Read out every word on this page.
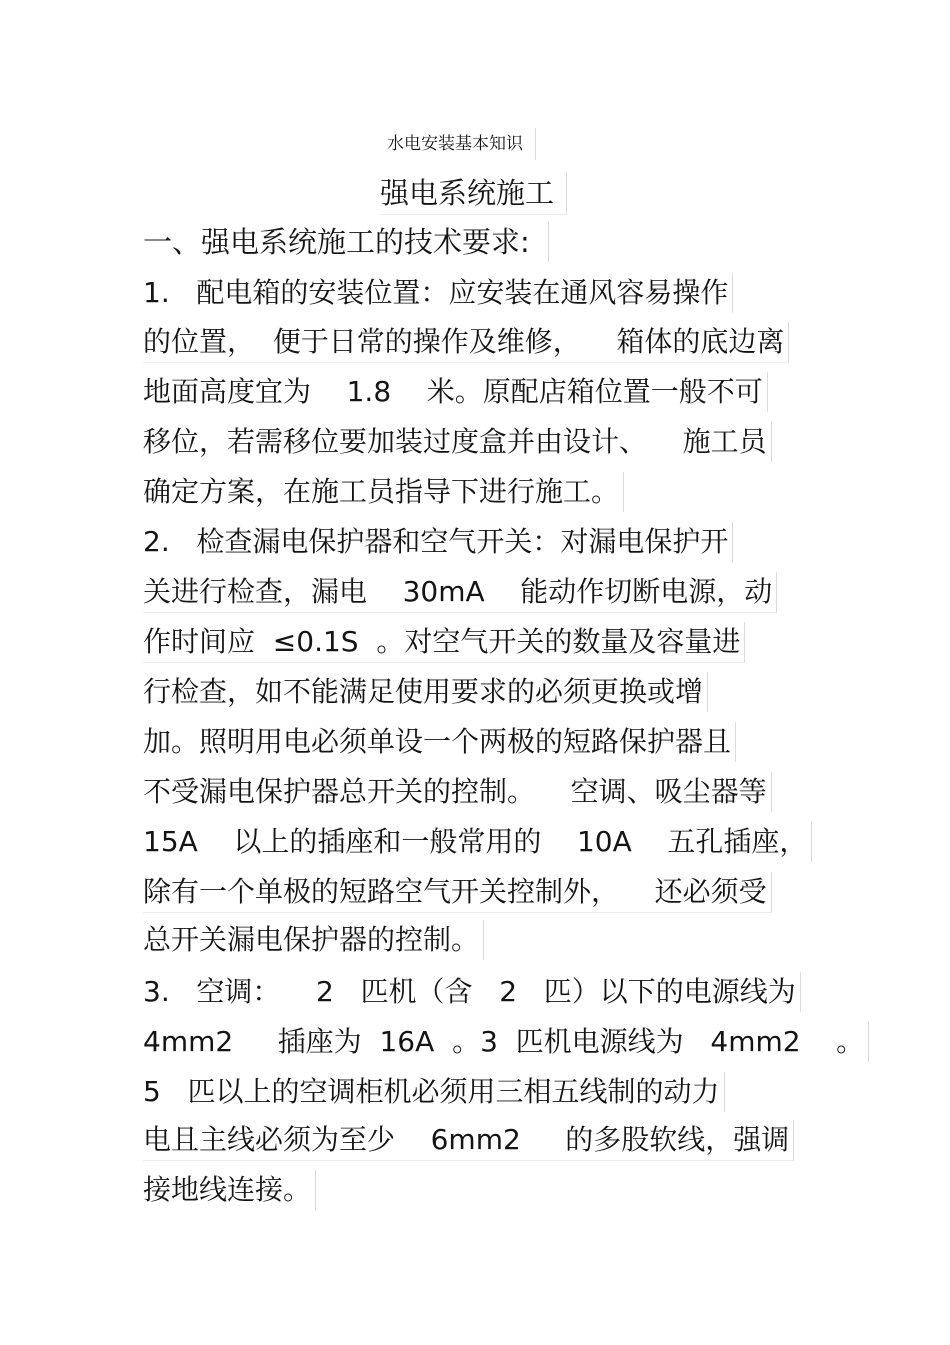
水电安装基本知识
强电系统施工
一、强电系统施工的技术要求:
1.   配电箱的安装位置：应安装在通风容易操作
的位置，  便于日常的操作及维修，    箱体的底边离
地面高度宜为    1.8    米。原配店箱位置一般不可
移位，若需移位要加装过度盒并由设计、    施工员
确定方案，在施工员指导下进行施工。
2.   检查漏电保护器和空气开关：对漏电保护开
关进行检查，漏电    30mA    能动作切断电源，动
作时间应  ≤0.1S  。对空气开关的数量及容量进
行检查，如不能满足使用要求的必须更换或增
加。照明用电必须单设一个两极的短路保护器且
不受漏电保护器总开关的控制。    空调、吸尘器等
15A    以上的插座和一般常用的    10A    五孔插座，
除有一个单极的短路空气开关控制外，    还必须受
总开关漏电保护器的控制。
3.   空调：    2   匹机（含   2   匹）以下的电源线为
4mm2     插座为  16A  。3  匹机电源线为   4mm2    。
5   匹以上的空调柜机必须用三相五线制的动力
电且主线必须为至少    6mm2     的多股软线，强调
接地线连接。
